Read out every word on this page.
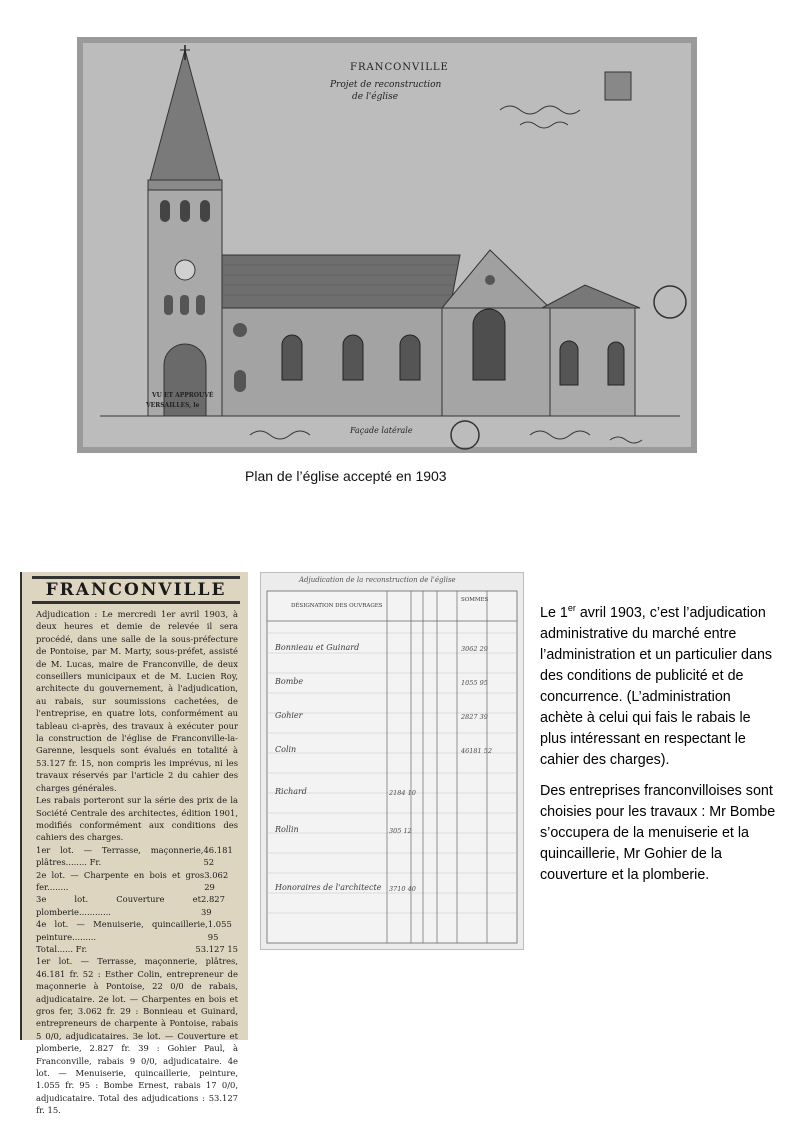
FRANCONVILLE
Projet de reconstruction
de l'église
Façade latérale
VU ET APPROUVÉ
VERSAILLES, le
Plan de l’église accepté en 1903
FRANCONVILLE

Adjudication : Le mercredi 1er avril 1903, à deux heures et demie de relevée il sera procédé, dans une salle de la sous-préfecture de Pontoise, par M. Marty, sous-préfet, assisté de M. Lucas, maire de Franconville, de deux conseillers municipaux et de M. Lucien Roy, architecte du gouvernement, à l'adjudication, au rabais, sur soumissions cachetées, de l'entreprise, en quatre lots, conformément au tableau ci-après, des travaux à exécuter pour la construction de l'église de Franconville-la-Garenne, lesquels sont évalués en totalité à 53.127 fr. 15, non compris les imprévus, ni les travaux réservés par l'article 2 du cahier des charges générales.

Les rabais porteront sur la série des prix de la Société Centrale des architectes, édition 1901, modifiés conformément aux conditions des cahiers des charges.

1er lot. — Terrasse, maçonnerie, plâtres........ Fr.
46.181 52
2e lot. — Charpente en bois et gros fer........
3.062 29
3e lot. Couverture et plomberie............
2.827 39
4e lot. — Menuiserie, quincaillerie, peinture.........
1.055 95
Total...... Fr.	53.127 15

1er lot. — Terrasse, maçonnerie, plâtres, 46.181 fr. 52 : Esther Colin, entrepreneur de maçonnerie à Pontoise, 22 0/0 de rabais, adjudicataire. 2e lot. — Charpentes en bois et gros fer, 3.062 fr. 29 : Bonnieau et Guinard, entrepreneurs de charpente à Pontoise, rabais 5 0/0, adjudicataires. 3e lot. — Couverture et plomberie, 2.827 fr. 39 : Gohier Paul, à Franconville, rabais 9 0/0, adjudicataire. 4e lot. — Menuiserie, quincaillerie, peinture, 1.055 fr. 95 : Bombe Ernest, rabais 17 0/0, adjudicataire. Total des adjudications : 53.127 fr. 15.

Adjudication de la reconstruction de l'église
DÉSIGNATION DES OUVRAGES
SOMMES
Bonnieau et Guinard	3062 29
Bombe	1055 95
Gohier	2827 39
Colin	46181 52
Richard	2184 10
Rollin	305 12
Honoraires de l'architecte 3710 40

Le 1er avril 1903, c’est l’adjudication administrative du marché entre l’administration et un particulier dans des conditions de publicité et de concurrence. (L’administration achète à celui qui fais le rabais le plus intéressant en respectant le cahier des charges).

Des entreprises franconvilloises sont choisies pour les travaux : Mr Bombe s’occupera de la menuiserie et la quincaillerie, Mr Gohier de la couverture et la plomberie.
